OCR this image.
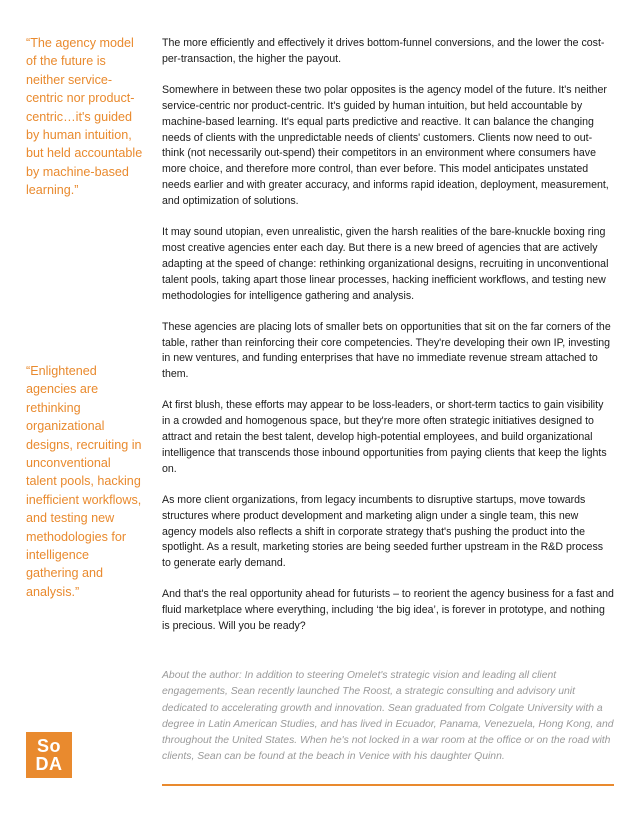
“The agency model of the future is neither service-centric nor product-centric…it's guided by human intuition, but held accountable by machine-based learning.”
“Enlightened agencies are rethinking organizational designs, recruiting in unconventional talent pools, hacking inefficient workflows, and testing new methodologies for intelligence gathering and analysis.”
So
DA

The more efficiently and effectively it drives bottom-funnel conversions, and the lower the cost-per-transaction, the higher the payout.

Somewhere in between these two polar opposites is the agency model of the future. It's neither service-centric nor product-centric. It's guided by human intuition, but held accountable by machine-based learning. It's equal parts predictive and reactive. It can balance the changing needs of clients with the unpredictable needs of clients' customers. Clients now need to out-think (not necessarily out-spend) their competitors in an environment where consumers have more choice, and therefore more control, than ever before. This model anticipates unstated needs earlier and with greater accuracy, and informs rapid ideation, deployment, measurement, and optimization of solutions.

It may sound utopian, even unrealistic, given the harsh realities of the bare-knuckle boxing ring most creative agencies enter each day. But there is a new breed of agencies that are actively adapting at the speed of change: rethinking organizational designs, recruiting in unconventional talent pools, taking apart those linear processes, hacking inefficient workflows, and testing new methodologies for intelligence gathering and analysis.

These agencies are placing lots of smaller bets on opportunities that sit on the far corners of the table, rather than reinforcing their core competencies. They're developing their own IP, investing in new ventures, and funding enterprises that have no immediate revenue stream attached to them.

At first blush, these efforts may appear to be loss-leaders, or short-term tactics to gain visibility in a crowded and homogenous space, but they're more often strategic initiatives designed to attract and retain the best talent, develop high-potential employees, and build organizational intelligence that transcends those inbound opportunities from paying clients that keep the lights on.

As more client organizations, from legacy incumbents to disruptive startups, move towards structures where product development and marketing align under a single team, this new agency models also reflects a shift in corporate strategy that's pushing the product into the spotlight. As a result, marketing stories are being seeded further upstream in the R&D process to generate early demand.

And that's the real opportunity ahead for futurists – to reorient the agency business for a fast and fluid marketplace where everything, including ‘the big idea’, is forever in prototype, and nothing is precious. Will you be ready?

About the author: In addition to steering Omelet's strategic vision and leading all client engagements, Sean recently launched The Roost, a strategic consulting and advisory unit dedicated to accelerating growth and innovation. Sean graduated from Colgate University with a degree in Latin American Studies, and has lived in Ecuador, Panama, Venezuela, Hong Kong, and throughout the United States. When he's not locked in a war room at the office or on the road with clients, Sean can be found at the beach in Venice with his daughter Quinn.
